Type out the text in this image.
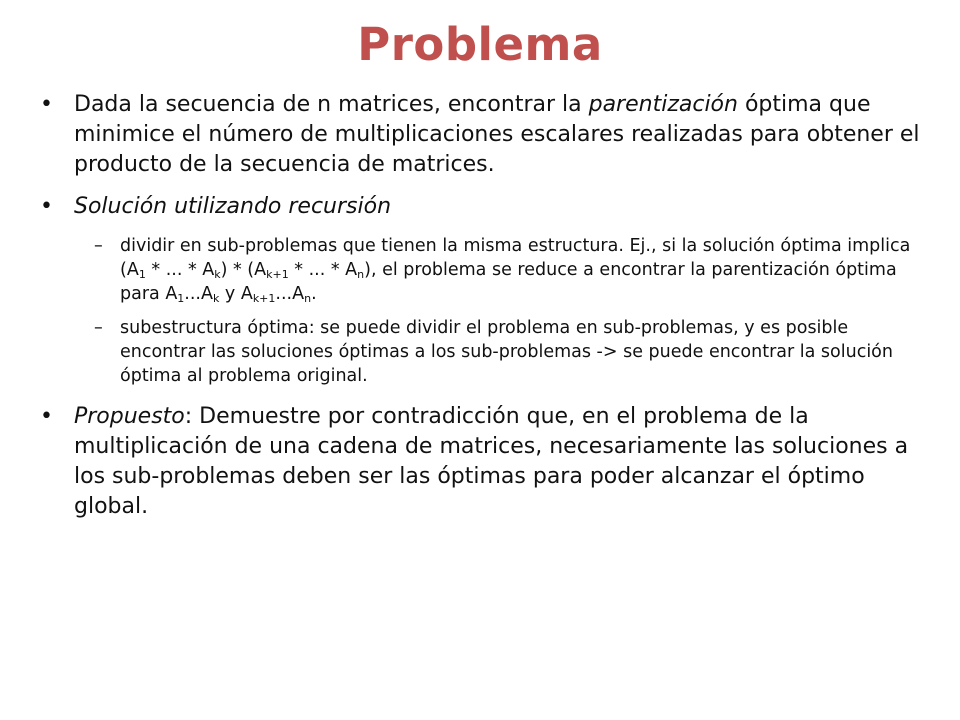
Problema
• Dada la secuencia de n matrices, encontrar la parentización óptima que minimice el número de multiplicaciones escalares realizadas para obtener el producto de la secuencia de matrices.
• Solución utilizando recursión
– dividir en sub-problemas que tienen la misma estructura. Ej., si la solución óptima implica ($A_1$ * ... * $A_k) * (A_{k+1}$ * ... * $A_n$), el problema se reduce a encontrar la parentización óptima para $A_1...A_k$ y $A_{k+1}...A_n$.
– subestructura óptima: se puede dividir el problema en sub-problemas, y es posible encontrar las soluciones óptimas a los sub-problemas -> se puede encontrar la solución óptima al problema original.
• Propuesto: Demuestre por contradicción que, en el problema de la multiplicación de una cadena de matrices, necesariamente las soluciones a los sub-problemas deben ser las óptimas para poder alcanzar el óptimo global.
